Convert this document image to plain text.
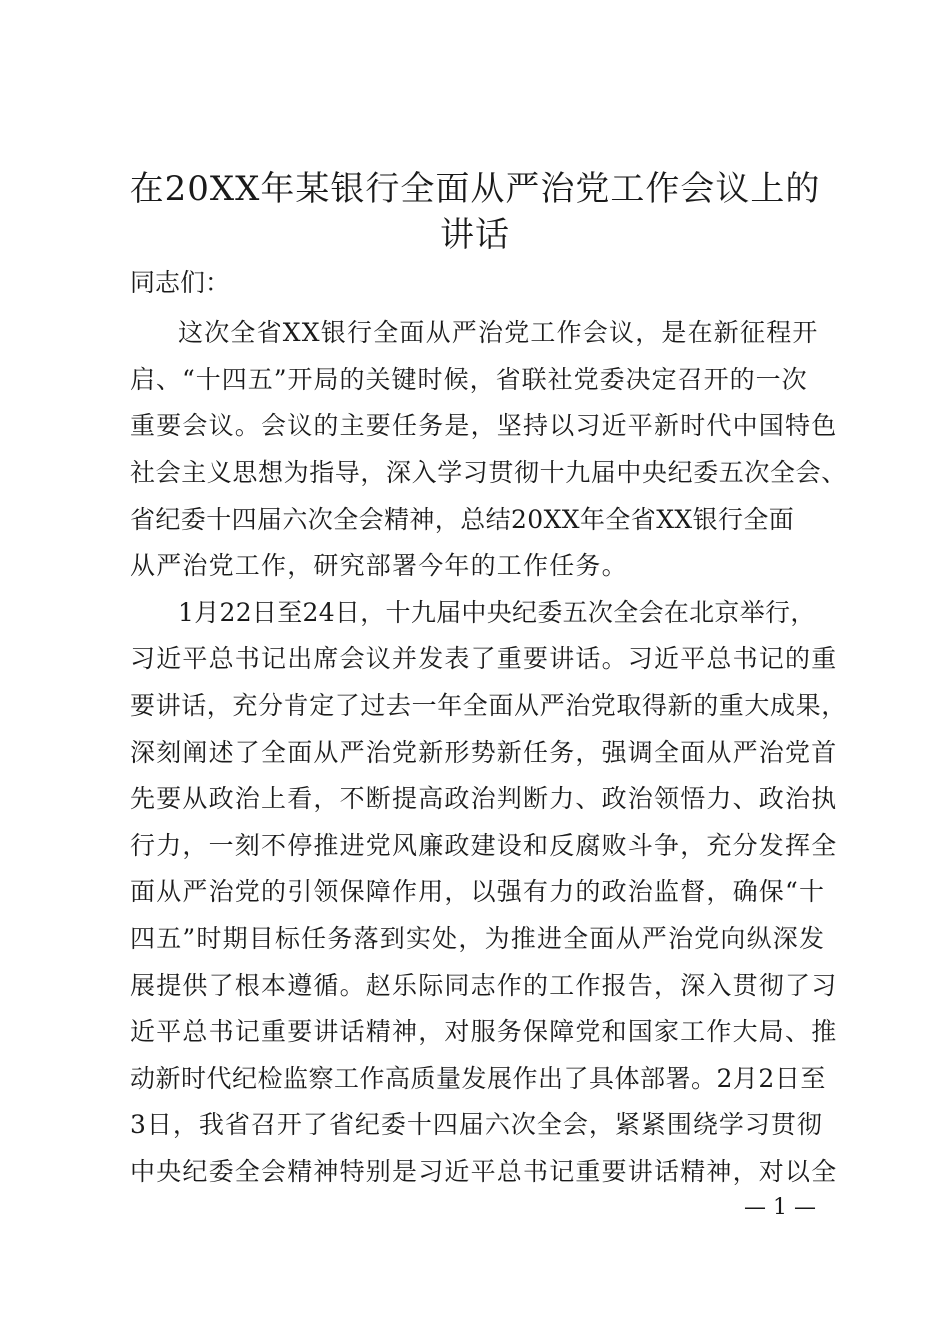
在20XX年某银行全面从严治党工作会议上的
讲话

同志们：

这次全省XX银行全面从严治党工作会议，是在新征程开

启、“十四五”开局的关键时候，省联社党委决定召开的一次

重要会议。会议的主要任务是，坚持以习近平新时代中国特色

社会主义思想为指导，深入学习贯彻十九届中央纪委五次全会、

省纪委十四届六次全会精神，总结20XX年全省XX银行全面

从严治党工作，研究部署今年的工作任务。

1月22日至24日，十九届中央纪委五次全会在北京举行，

习近平总书记出席会议并发表了重要讲话。习近平总书记的重

要讲话，充分肯定了过去一年全面从严治党取得新的重大成果，

深刻阐述了全面从严治党新形势新任务，强调全面从严治党首

先要从政治上看，不断提高政治判断力、政治领悟力、政治执

行力，一刻不停推进党风廉政建设和反腐败斗争，充分发挥全

面从严治党的引领保障作用，以强有力的政治监督，确保“十

四五”时期目标任务落到实处，为推进全面从严治党向纵深发

展提供了根本遵循。赵乐际同志作的工作报告，深入贯彻了习

近平总书记重要讲话精神，对服务保障党和国家工作大局、推

动新时代纪检监察工作高质量发展作出了具体部署。2月2日至

3日，我省召开了省纪委十四届六次全会，紧紧围绕学习贯彻

中央纪委全会精神特别是习近平总书记重要讲话精神，对以全

— 1 —
